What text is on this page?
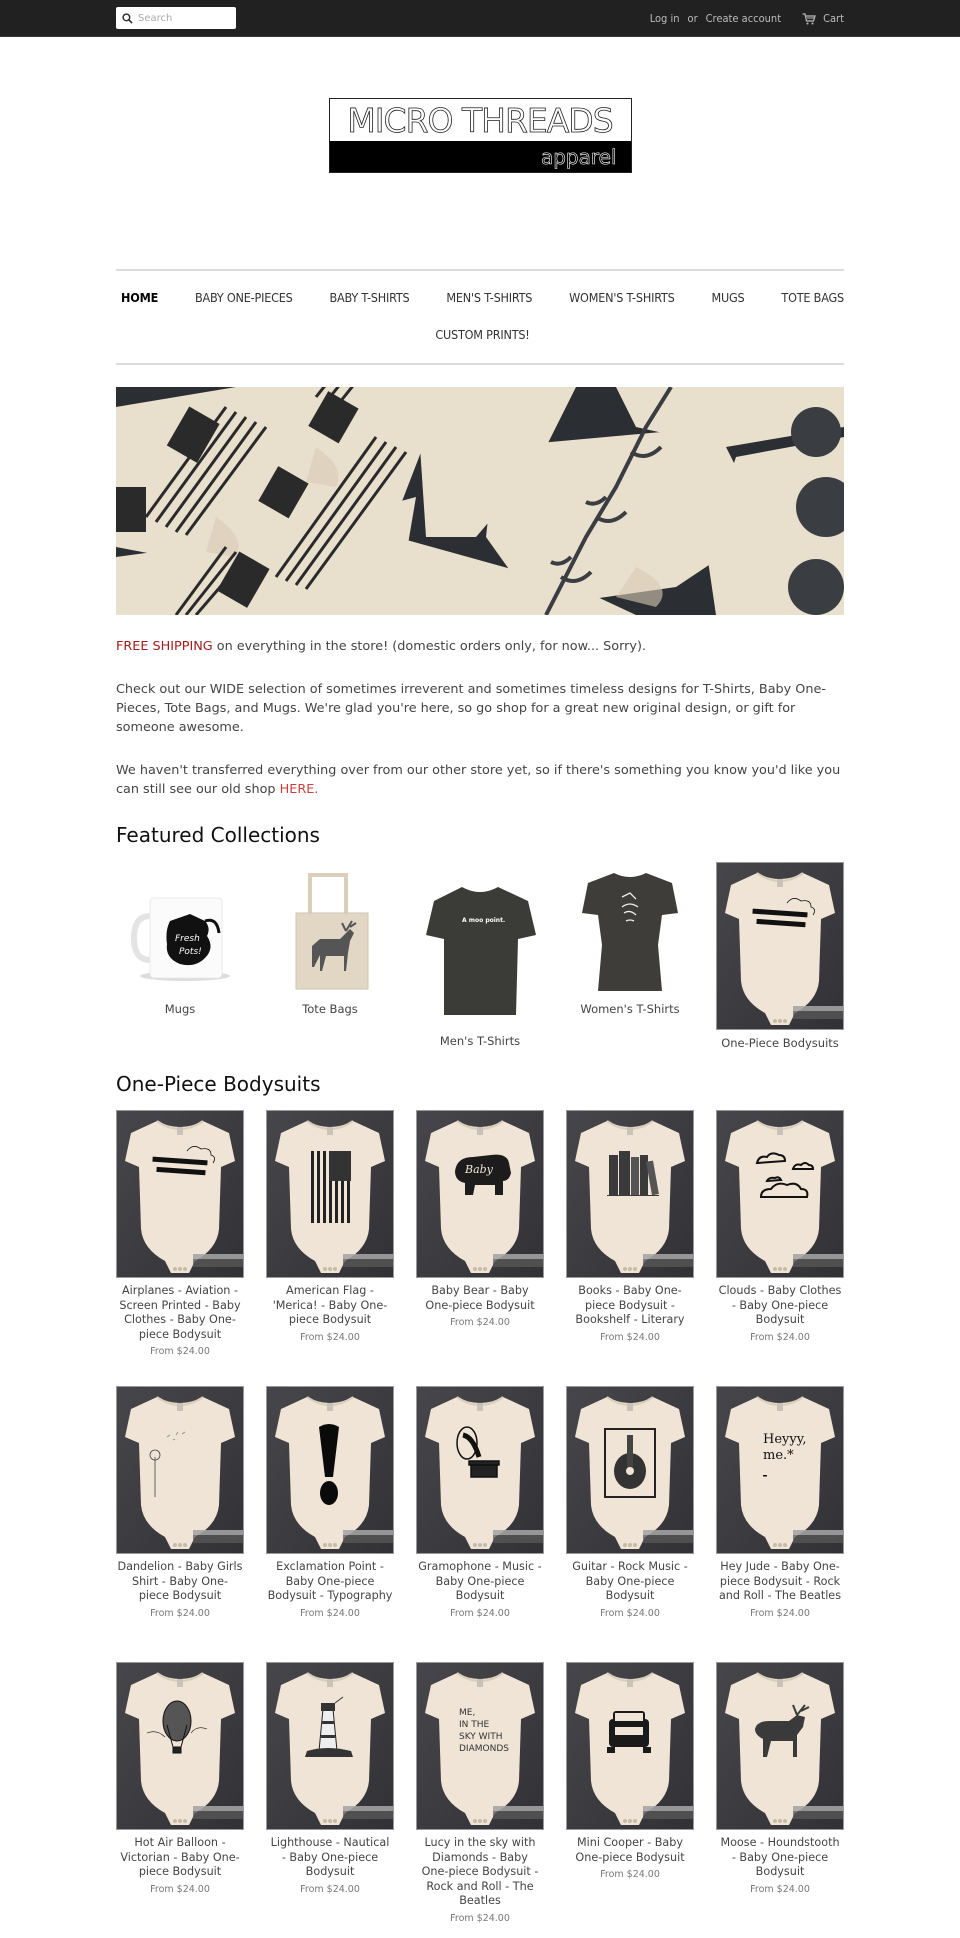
Search
Log in or Create account	Cart
MICRO THREADS
apparel
HOME	BABY ONE-PIECES	BABY T-SHIRTS	MEN'S T-SHIRTS	WOMEN'S T-SHIRTS	MUGS	TOTE BAGS
CUSTOM PRINTS!

FREE SHIPPING on everything in the store! (domestic orders only, for now... Sorry).

Check out our WIDE selection of sometimes irreverent and sometimes timeless designs for T-Shirts, Baby One-Pieces, Tote Bags, and Mugs. We're glad you're here, so go shop for a great new original design, or gift for someone awesome.

We haven't transferred everything over from our other store yet, so if there's something you know you'd like you can still see our old shop HERE.

Featured Collections
Fresh
Pots!
Mugs	Tote Bags
A moo point.
Men's T-Shirts
Women's T-Shirts
One-Piece Bodysuits
One-Piece Bodysuits
Airplanes - Aviation - Screen Printed - Baby Clothes - Baby One-piece Bodysuit
From $24.00
American Flag - 'Merica! - Baby One-piece Bodysuit
From $24.00
Baby Bear - Baby One-piece Bodysuit
From $24.00
Books - Baby One-piece Bodysuit - Bookshelf - Literary
From $24.00
Clouds - Baby Clothes - Baby One-piece Bodysuit
From $24.00
Dandelion - Baby Girls Shirt - Baby One-piece Bodysuit
From $24.00
Exclamation Point - Baby One-piece Bodysuit - Typography
From $24.00
Gramophone - Music - Baby One-piece Bodysuit
From $24.00
Guitar - Rock Music - Baby One-piece Bodysuit
From $24.00
Hey Jude - Baby One-piece Bodysuit - Rock and Roll - The Beatles
From $24.00
Hot Air Balloon - Victorian - Baby One-piece Bodysuit
From $24.00
Lighthouse - Nautical - Baby One-piece Bodysuit
From $24.00
Lucy in the sky with Diamonds - Baby One-piece Bodysuit - Rock and Roll - The Beatles
From $24.00
Mini Cooper - Baby One-piece Bodysuit
From $24.00
Moose - Houndstooth - Baby One-piece Bodysuit
From $24.00
